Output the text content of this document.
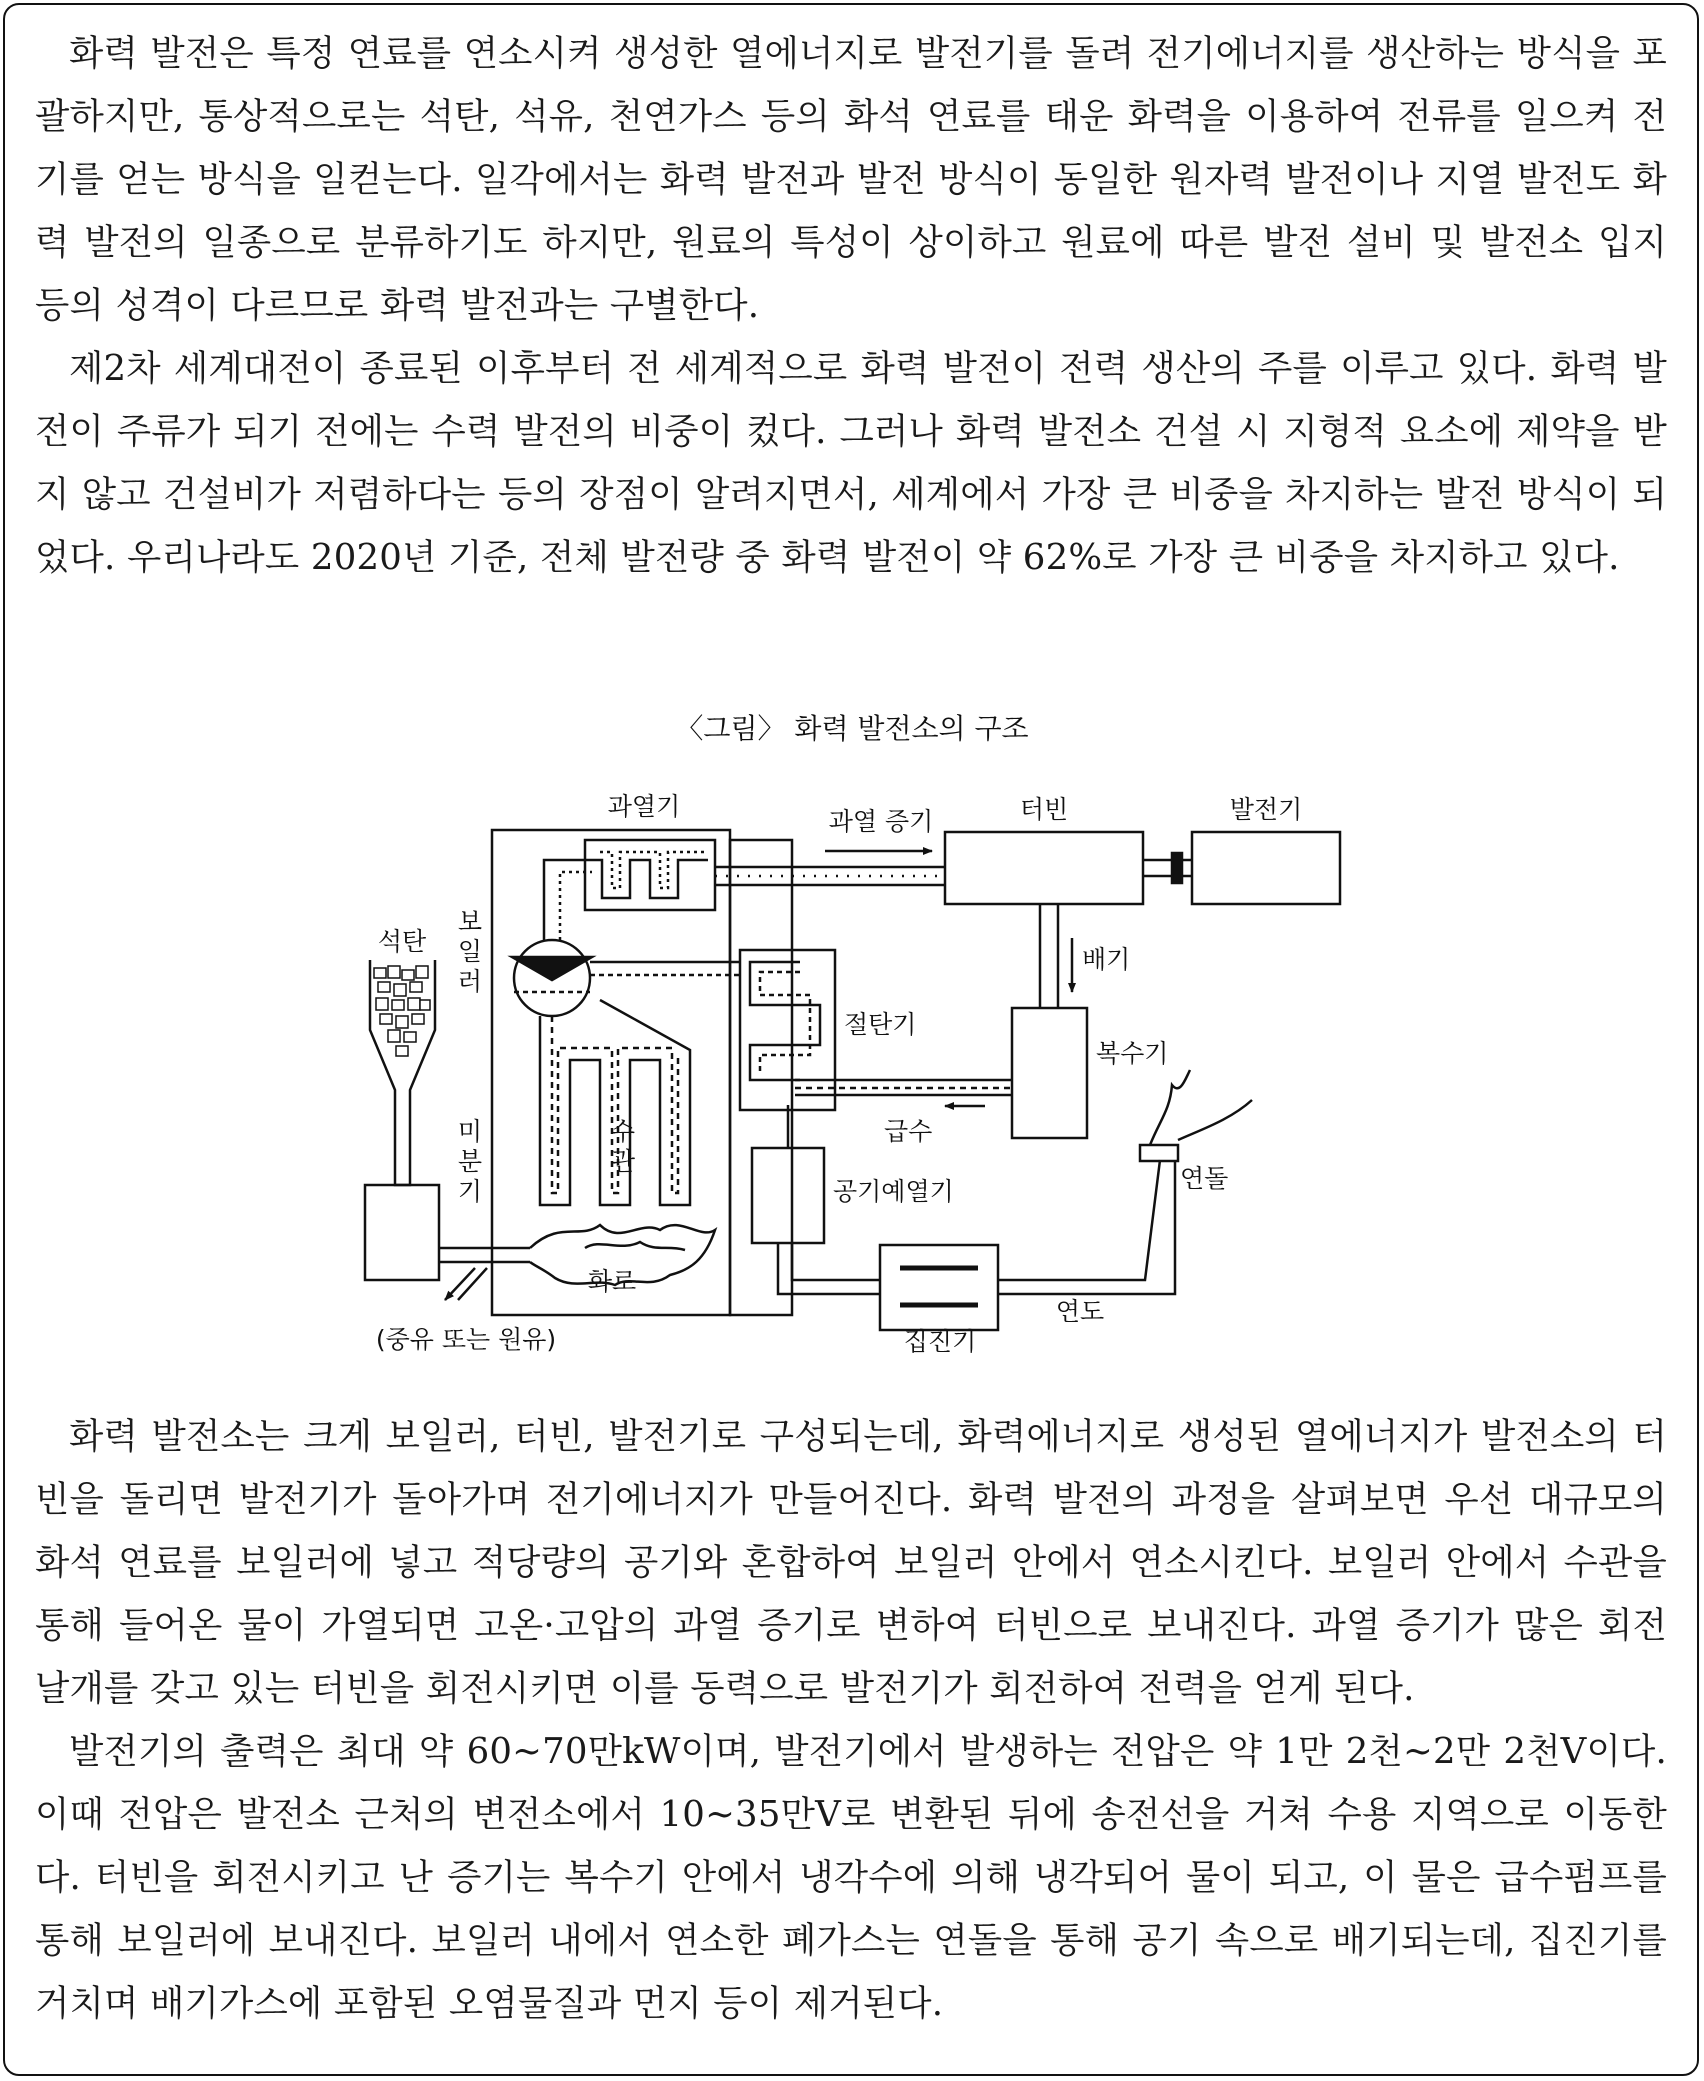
화력 발전은 특정 연료를 연소시켜 생성한 열에너지로 발전기를 돌려 전기에너지를 생산하는 방식을 포괄하지만, 통상적으로는 석탄, 석유, 천연가스 등의 화석 연료를 태운 화력을 이용하여 전류를 일으켜 전기를 얻는 방식을 일컫는다. 일각에서는 화력 발전과 발전 방식이 동일한 원자력 발전이나 지열 발전도 화력 발전의 일종으로 분류하기도 하지만, 원료의 특성이 상이하고 원료에 따른 발전 설비 및 발전소 입지 등의 성격이 다르므로 화력 발전과는 구별한다.

제2차 세계대전이 종료된 이후부터 전 세계적으로 화력 발전이 전력 생산의 주를 이루고 있다. 화력 발전이 주류가 되기 전에는 수력 발전의 비중이 컸다. 그러나 화력 발전소 건설 시 지형적 요소에 제약을 받지 않고 건설비가 저렴하다는 등의 장점이 알려지면서, 세계에서 가장 큰 비중을 차지하는 발전 방식이 되었다. 우리나라도 2020년 기준, 전체 발전량 중 화력 발전이 약 62%로 가장 큰 비중을 차지하고 있다.

〈그림〉 화력 발전소의 구조
과열기
과열 증기	터빈	발전기
보
일
러
석탄
배기
절탄기
복수기
미
분
기
수
관
급수
연돌
공기예열기
화로
(중유 또는 원유)
연도
집진기

화력 발전소는 크게 보일러, 터빈, 발전기로 구성되는데, 화력에너지로 생성된 열에너지가 발전소의 터빈을 돌리면 발전기가 돌아가며 전기에너지가 만들어진다. 화력 발전의 과정을 살펴보면 우선 대규모의 화석 연료를 보일러에 넣고 적당량의 공기와 혼합하여 보일러 안에서 연소시킨다. 보일러 안에서 수관을 통해 들어온 물이 가열되면 고온·고압의 과열 증기로 변하여 터빈으로 보내진다. 과열 증기가 많은 회전 날개를 갖고 있는 터빈을 회전시키면 이를 동력으로 발전기가 회전하여 전력을 얻게 된다.

발전기의 출력은 최대 약 60~70만kW이며, 발전기에서 발생하는 전압은 약 1만 2천~2만 2천V이다. 이때 전압은 발전소 근처의 변전소에서 10~35만V로 변환된 뒤에 송전선을 거쳐 수용 지역으로 이동한다. 터빈을 회전시키고 난 증기는 복수기 안에서 냉각수에 의해 냉각되어 물이 되고, 이 물은 급수펌프를 통해 보일러에 보내진다. 보일러 내에서 연소한 폐가스는 연돌을 통해 공기 속으로 배기되는데, 집진기를 거치며 배기가스에 포함된 오염물질과 먼지 등이 제거된다.
